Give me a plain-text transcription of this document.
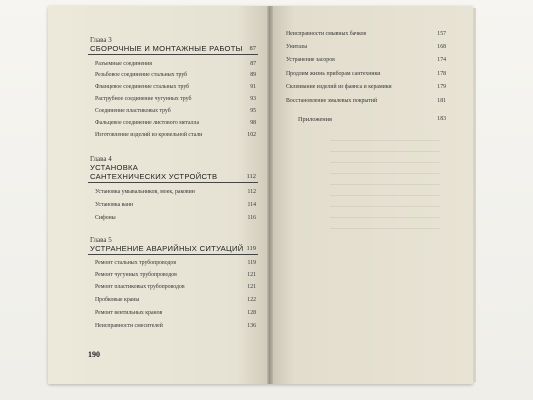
Глава 3
СБОРОЧНЫЕ И МОНТАЖНЫЕ РАБОТЫ	87
Разъемные соединения	87
Резьбовое соединение стальных труб	89
Фланцевое соединение стальных труб	91
Раструбное соединение чугунных труб	93
Соединение пластиковых труб	95
Фальцевое соединение листового металла	98
Изготовление изделий из кровельной стали	102
Глава 4
УСТАНОВКА
САНТЕХНИЧЕСКИХ УСТРОЙСТВ	112
Установка умывальников, моек, раковин	112
Установка ванн	114
Сифоны	116
Глава 5
УСТРАНЕНИЕ АВАРИЙНЫХ СИТУАЦИЙ 119
Ремонт стальных трубопроводов	119
Ремонт чугунных трубопроводов	121
Ремонт пластиковых трубопроводов	121
Пробковые краны	122
Ремонт вентильных кранов	128
Неисправности смесителей	136
190
Неисправности смывных бачков	157
Унитазы	168
Устранение засоров	174
Продлим жизнь приборам сантехники	178
Склеивание изделий из фаянса и керамики	179
Восстановление эмалевых покрытий	181
Приложения	183
